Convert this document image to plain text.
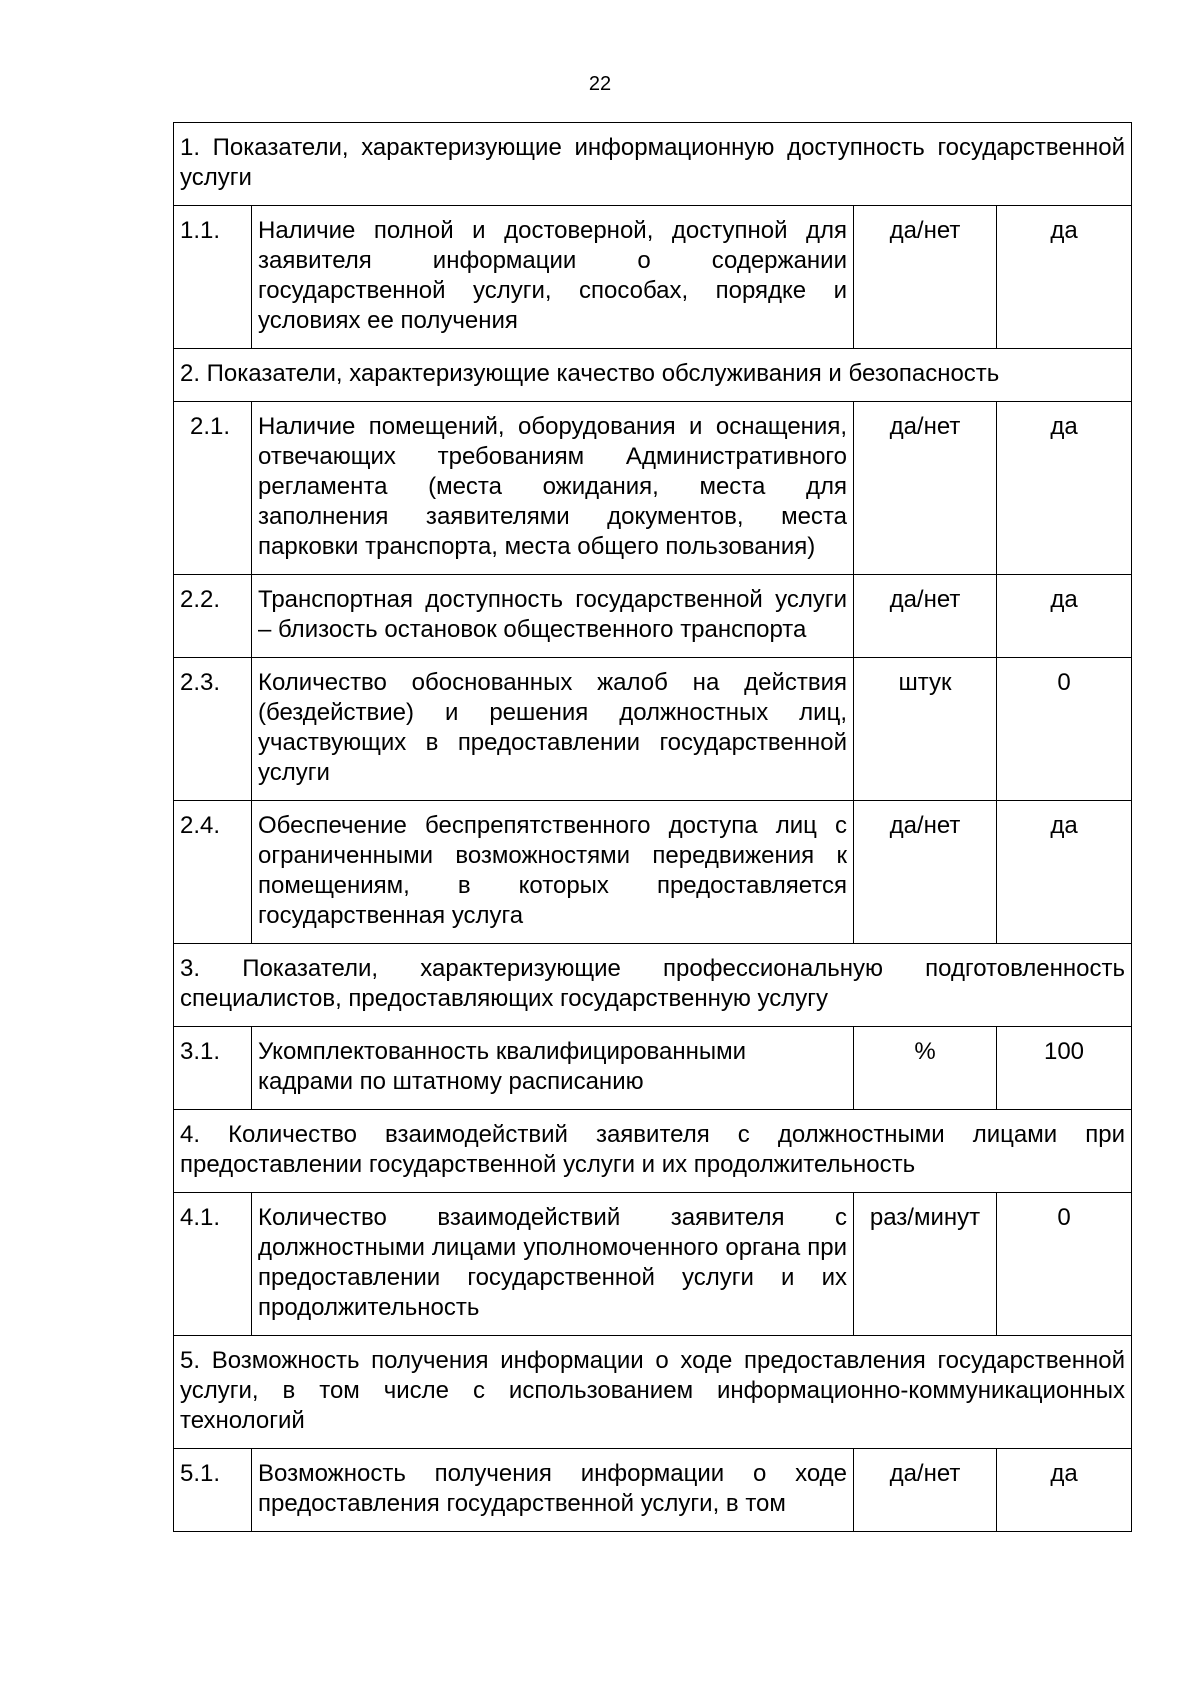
22
1. Показатели, характеризующие информационную доступность государственной услуги			
1.1.	Наличие полной и достоверной, доступной для заявителя информации о содержании государственной услуги, способах, порядке и условиях ее получения	да/нет	да
2. Показатели, характеризующие качество обслуживания и безопасность			
2.1.	Наличие помещений, оборудования и оснащения, отвечающих требованиям Административного регламента (места ожидания, места для заполнения заявителями документов, места парковки транспорта, места общего пользования)	да/нет	да
2.2.	Транспортная доступность государственной услуги – близость остановок общественного транспорта	да/нет	да
2.3.	Количество обоснованных жалоб на действия (бездействие) и решения должностных лиц, участвующих в предоставлении государственной услуги	штук	0
2.4.	Обеспечение беспрепятственного доступа лиц с ограниченными возможностями передвижения к помещениям, в которых предоставляется государственная услуга	да/нет	да
3. Показатели, характеризующие профессиональную подготовленность специалистов, предоставляющих государственную услугу			
3.1.	Укомплектованность квалифицированными кадрами по штатному расписанию	%	100
4. Количество взаимодействий заявителя с должностными лицами при предоставлении государственной услуги и их продолжительность			
4.1.	Количество взаимодействий заявителя с должностными лицами уполномоченного органа при предоставлении государственной услуги и их продолжительность	раз/минут	0
5. Возможность получения информации о ходе предоставления государственной услуги, в том числе с использованием информационно-коммуникационных технологий			
5.1.	Возможность получения информации о ходе предоставления государственной услуги, в том	да/нет	да
